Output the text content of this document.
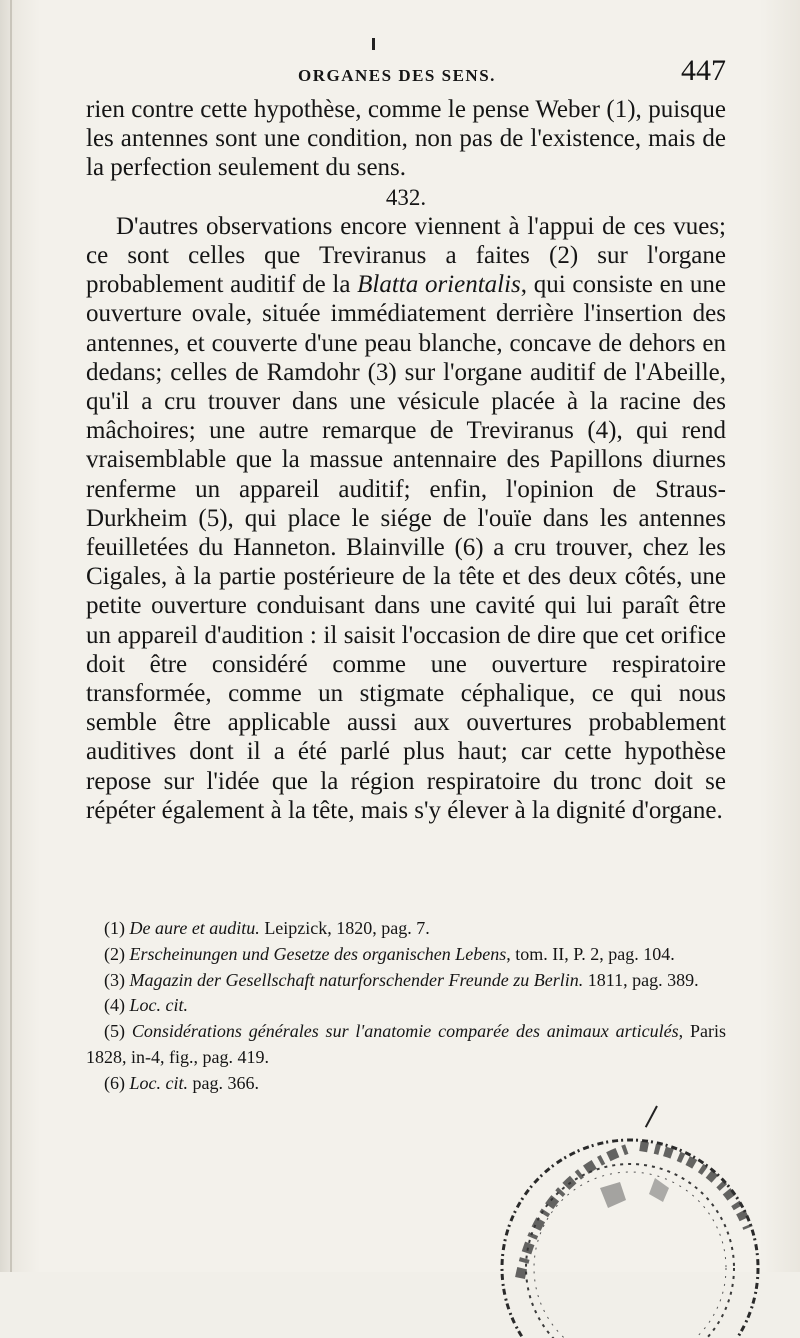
ORGANES DES SENS.	447

rien contre cette hypothèse, comme le pense Weber (1), puisque les antennes sont une condition, non pas de l'existence, mais de la perfection seulement du sens.

432.

D'autres observations encore viennent à l'appui de ces vues; ce sont celles que Treviranus a faites (2) sur l'organe probablement auditif de la Blatta orientalis, qui consiste en une ouverture ovale, située immédiatement derrière l'insertion des antennes, et couverte d'une peau blanche, concave de dehors en dedans; celles de Ramdohr (3) sur l'organe auditif de l'Abeille, qu'il a cru trouver dans une vésicule placée à la racine des mâchoires; une autre remarque de Treviranus (4), qui rend vraisemblable que la massue antennaire des Papillons diurnes renferme un appareil auditif; enfin, l'opinion de Straus-Durkheim (5), qui place le siége de l'ouïe dans les antennes feuilletées du Hanneton. Blainville (6) a cru trouver, chez les Cigales, à la partie postérieure de la tête et des deux côtés, une petite ouverture conduisant dans une cavité qui lui paraît être un appareil d'audition : il saisit l'occasion de dire que cet orifice doit être considéré comme une ouverture respiratoire transformée, comme un stigmate céphalique, ce qui nous semble être applicable aussi aux ouvertures probablement auditives dont il a été parlé plus haut; car cette hypothèse repose sur l'idée que la région respiratoire du tronc doit se répéter également à la tête, mais s'y élever à la dignité d'organe.

(1) De aure et auditu. Leipzick, 1820, pag. 7.

(2) Erscheinungen und Gesetze des organischen Lebens, tom. II, P. 2, pag. 104.

(3) Magazin der Gesellschaft naturforschender Freunde zu Berlin. 1811, pag. 389.

(4) Loc. cit.

(5) Considérations générales sur l'anatomie comparée des animaux articulés, Paris 1828, in-4, fig., pag. 419.

(6) Loc. cit. pag. 366.
